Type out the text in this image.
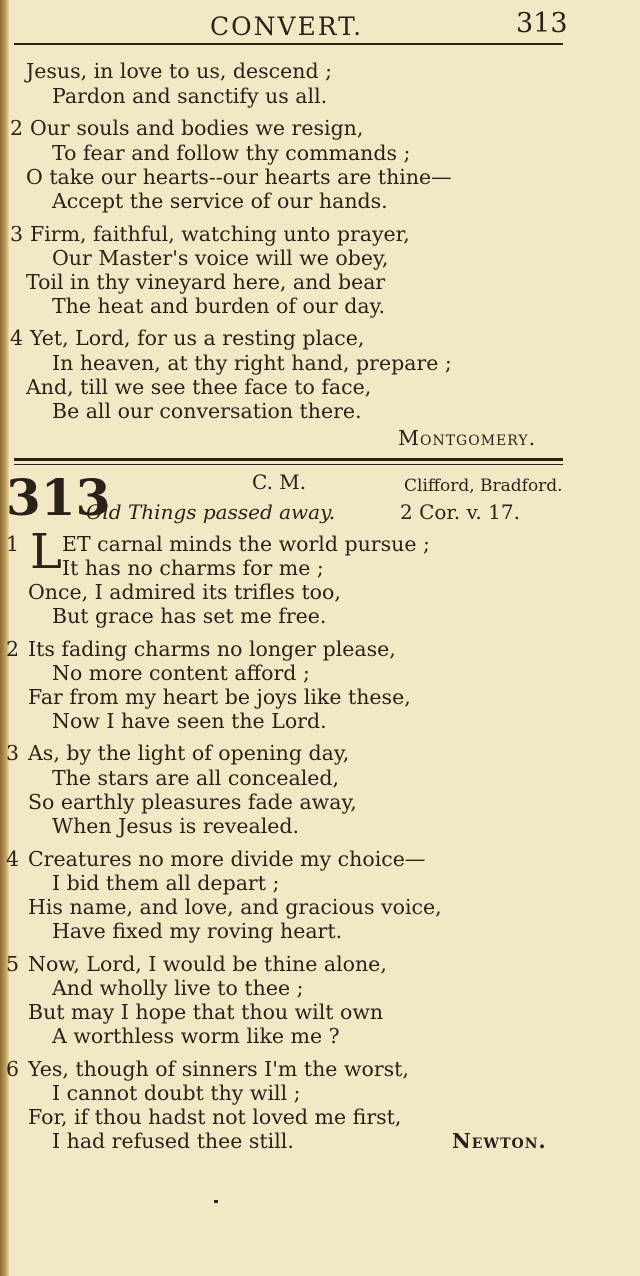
CONVERT.	313
Jesus, in love to us, descend ;
Pardon and sanctify us all.
2 Our souls and bodies we resign,
To fear and follow thy commands ;
O take our hearts--our hearts are thine—
Accept the service of our hands.
3 Firm, faithful, watching unto prayer,
Our Master's voice will we obey,
Toil in thy vineyard here, and bear
The heat and burden of our day.
4 Yet, Lord, for us a resting place,
In heaven, at thy right hand, prepare ;
And, till we see thee face to face,
Be all our conversation there.
Montgomery.
313	C. M.	Clifford, Bradford.
Old Things passed away.	2 Cor. v. 17.
1 L ET carnal minds the world pursue ;
It has no charms for me ;
Once, I admired its trifles too,
But grace has set me free.
2 Its fading charms no longer please,
No more content afford ;
Far from my heart be joys like these,
Now I have seen the Lord.
3 As, by the light of opening day,
The stars are all concealed,
So earthly pleasures fade away,
When Jesus is revealed.
4 Creatures no more divide my choice—
I bid them all depart ;
His name, and love, and gracious voice,
Have fixed my roving heart.
5 Now, Lord, I would be thine alone,
And wholly live to thee ;
But may I hope that thou wilt own
A worthless worm like me ?
6 Yes, though of sinners I'm the worst,
I cannot doubt thy will ;
For, if thou hadst not loved me first,
I had refused thee still.	Newton.
